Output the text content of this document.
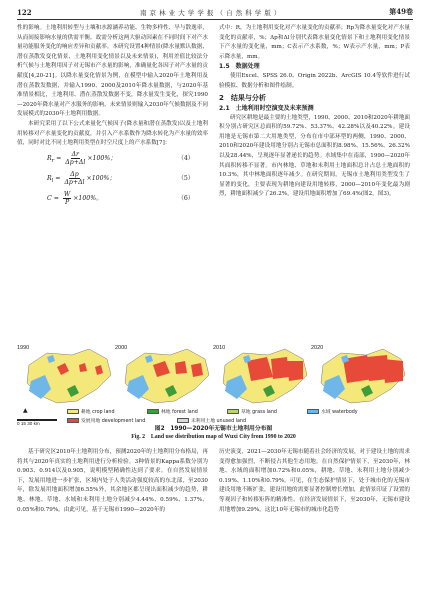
122	南 京 林 业 大 学 学 报 （ 自 然 科 学 版 ）	第49卷

性的影响。土地利用转型与土壤和水源涵养功能、生物多样性、旱与散逸率，从而间接影响水量的供需平衡。故需分析这两大驱动因素在不同时间下对产水量功能服务变化的响应差异和贡献率。本研究设置4种情景(降水量默认数据、潜在蒸散发变化情景、土地利用变化情景以及未来情景)，利用差值比较法分析气候与土地利用因子对无锡市产水量的影响，准确量化各因子对产水量的贡献度[4,20-21]。以降水量变化情景为例，在模型中输入2020年土地利用及潜在蒸散发数据，并输入1990、2000及2010年降水量数据，与2020年基准情景相比，土地利用、潜在蒸散发数据不变，降水量发生变化，探究1990—2020年降水量对产水服务的影响。未来情景则输入2030年气候数据及不同发展模式的2030年土地利用数据。

本研究采用了以下公式来量化气候因子(降水量和潜在蒸散发)以及土地利用转移对产水量变化的贡献度，并引入产水系数作为降水转化为产水量的效率值，同时对比不同土地利用类型在时空尺度上的产水系数[7]：

$R_r = \frac{\Delta r}{\Delta p+\Delta l} \times 100\%$；	（4）
$R_l = \frac{\Delta p}{\Delta p+\Delta l} \times 100\%$；	（5）
$C = \frac{W}{P} \times 100\%$。	（6）

式中：R，为土地利用变化对产水量变化的贡献率；Rp为降水量变化对产水量变化的贡献率，%；Δp和Δl分别代表降水量变化情景下和土地利用变化情景下产水量的变化量，mm；C表示产水系数，%；W表示产水量，mm；P表示降水量，mm。

1.5　数据处理

使用Excel、SPSS 26.0、Origin 2022b、ArcGIS 10.4等软件进行试验模拟、数据分析和图件绘制。

2　结果与分析
2.1　土地利用时空演变及未来预测

研究区耕地是最主要的土地类型，1990、2000、2010和2020年耕地面积分别占研究区总面积的59.72%、53.37%、42.28%以及40.22%。建设用地是无锡市第二大用地类型，分布在市中部环型的两侧，1990、2000、2010和2020年建设用地分别占无锡市总面积的8.98%、15.56%、26.32%以及28.44%，呈现逐年显著递长的趋势。水域集中在南部，1990—2020年其面积转移不显著。市内林地、草地和未利用土地面积总计占总土地面积的10.3%，其中林地面积逐年减少。在研究期间，无锡市土地利用类型发生了显著的变化，主要表现为耕地向建设用地转移，2000—2010年变化最为剧烈，耕地面积减少了26.2%，建设用地面积增加了69.4%(图2，图3)。

1990	2000	2010	2020
▲
0 15 30 km
耕地 crop land	林地 forest land	草地 grass land	水域 waterbody
发展用地 development land	未利用土地 unused land
图2　1990—2020年无锡市土地利用分布图
Fig. 2　Land use distribution map of Wuxi City from 1990 to 2020

基于研究区2010年土地利用分布，预测2020年的土地利用分布格局，再将其与2020年真实的土地利用进行分析检验。3种情景的Kappa系数分别为0.903、0.914以及0.905，说明模型精确性达到了要求。在自然发展情景下，发展用地进一步扩张，区域内处于人类活动强度较高的东北部，至2030年，除发展用地面积增加6.55%外，其余地区都呈现出面积减少的趋势，耕地、林地、草地、水域和未利用土地分别减少4.44%、0.59%、1.37%、0.05%和0.79%。由此可见，基于无锡市1990—2020年的

历史演变，2021—2030年无锡市随着社会经济的发展，对于建设土地的需求变得愈加强烈，不断侵占其他生态用地。在自然保护情景下，至2030年，林地、水域的面积增加0.72%和0.05%，耕地、草地、未利用土地分别减少0.19%、1.10%和0.79%。可见，在生态保护情景下，处于城市化的无锡市建设用地不断扩张，建设用地的需要显著控制增长增加，此情景印证了设置的等观因子和转移矩阵的精准性。在经济发展情景下，至2030年，无锡市建设用地增加9.29%，这比10年无锡市的城市化趋势
